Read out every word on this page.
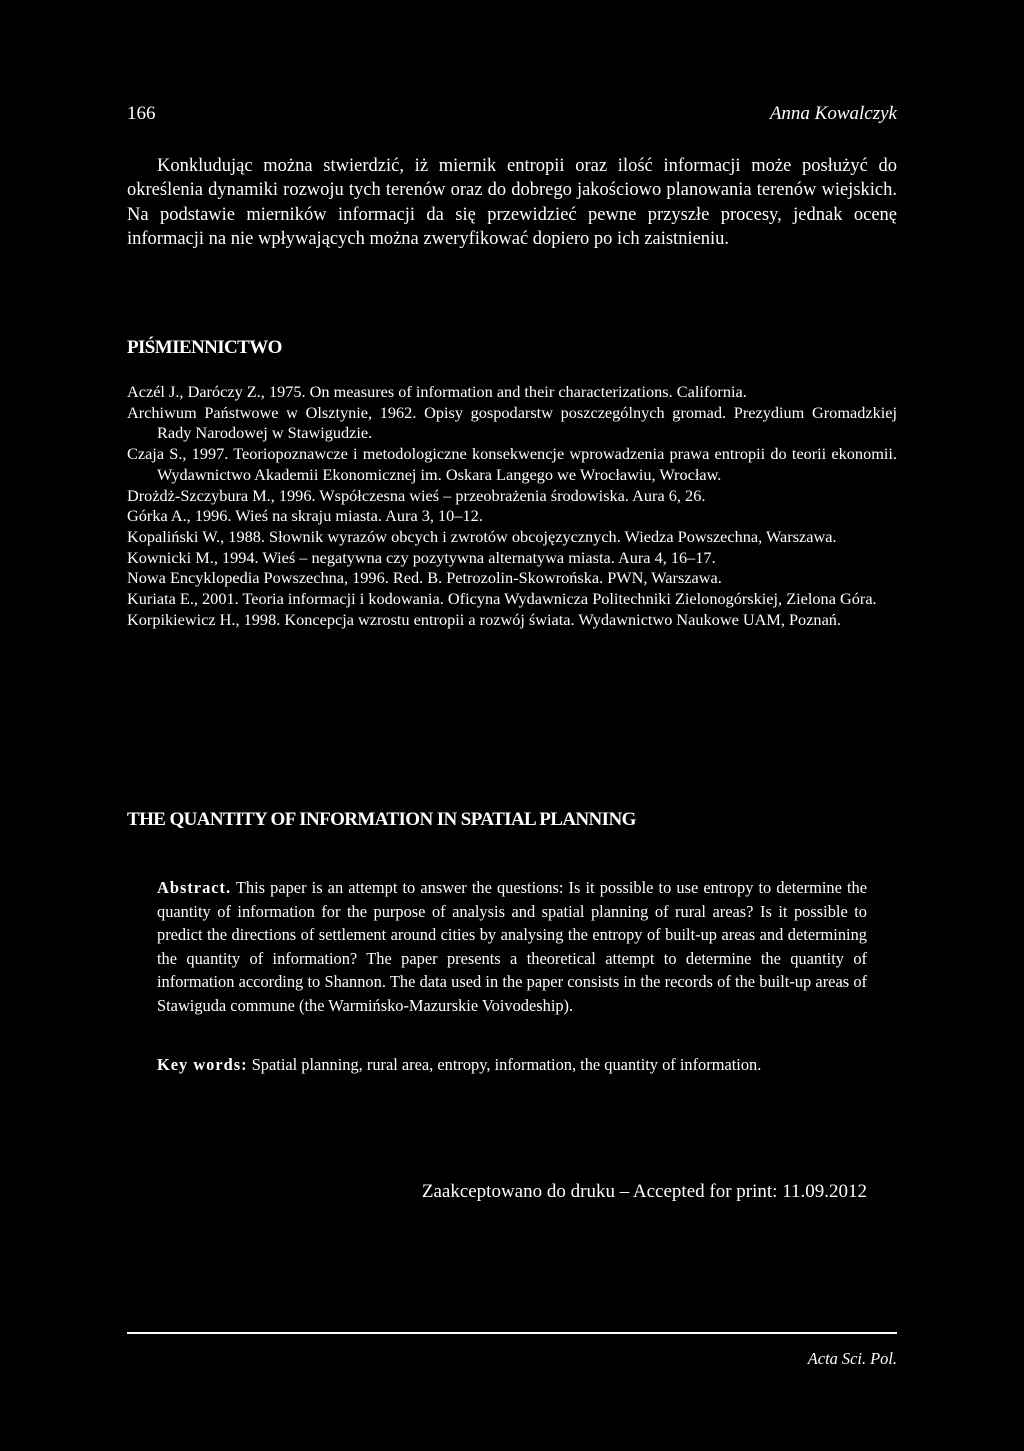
166	Anna Kowalczyk

Konkludując można stwierdzić, iż miernik entropii oraz ilość informacji może posłużyć do określenia dynamiki rozwoju tych terenów oraz do dobrego jakościowo planowania terenów wiejskich. Na podstawie mierników informacji da się przewidzieć pewne przyszłe procesy, jednak ocenę informacji na nie wpływających można zweryfikować dopiero po ich zaistnieniu.

PIŚMIENNICTWO
Aczél J., Daróczy Z., 1975. On measures of information and their characterizations. California.
Archiwum Państwowe w Olsztynie, 1962. Opisy gospodarstw poszczególnych gromad. Prezydium Gromadzkiej Rady Narodowej w Stawigudzie.
Czaja S., 1997. Teoriopoznawcze i metodologiczne konsekwencje wprowadzenia prawa entropii do teorii ekonomii. Wydawnictwo Akademii Ekonomicznej im. Oskara Langego we Wrocławiu, Wrocław.
Drożdż-Szczybura M., 1996. Współczesna wieś – przeobrażenia środowiska. Aura 6, 26.
Górka A., 1996. Wieś na skraju miasta. Aura 3, 10–12.
Kopaliński W., 1988. Słownik wyrazów obcych i zwrotów obcojęzycznych. Wiedza Powszechna, Warszawa.
Kownicki M., 1994. Wieś – negatywna czy pozytywna alternatywa miasta. Aura 4, 16–17.
Nowa Encyklopedia Powszechna, 1996. Red. B. Petrozolin-Skowrońska. PWN, Warszawa.
Kuriata E., 2001. Teoria informacji i kodowania. Oficyna Wydawnicza Politechniki Zielonogórskiej, Zielona Góra.
Korpikiewicz H., 1998. Koncepcja wzrostu entropii a rozwój świata. Wydawnictwo Naukowe UAM, Poznań.
THE QUANTITY OF INFORMATION IN SPATIAL PLANNING

Abstract. This paper is an attempt to answer the questions: Is it possible to use entropy to determine the quantity of information for the purpose of analysis and spatial planning of rural areas? Is it possible to predict the directions of settlement around cities by analysing the entropy of built-up areas and determining the quantity of information? The paper presents a theoretical attempt to determine the quantity of information according to Shannon. The data used in the paper consists in the records of the built-up areas of Stawiguda commune (the Warmińsko-Mazurskie Voivodeship).

Key words: Spatial planning, rural area, entropy, information, the quantity of information.

Zaakceptowano do druku – Accepted for print: 11.09.2012
Acta Sci. Pol.
